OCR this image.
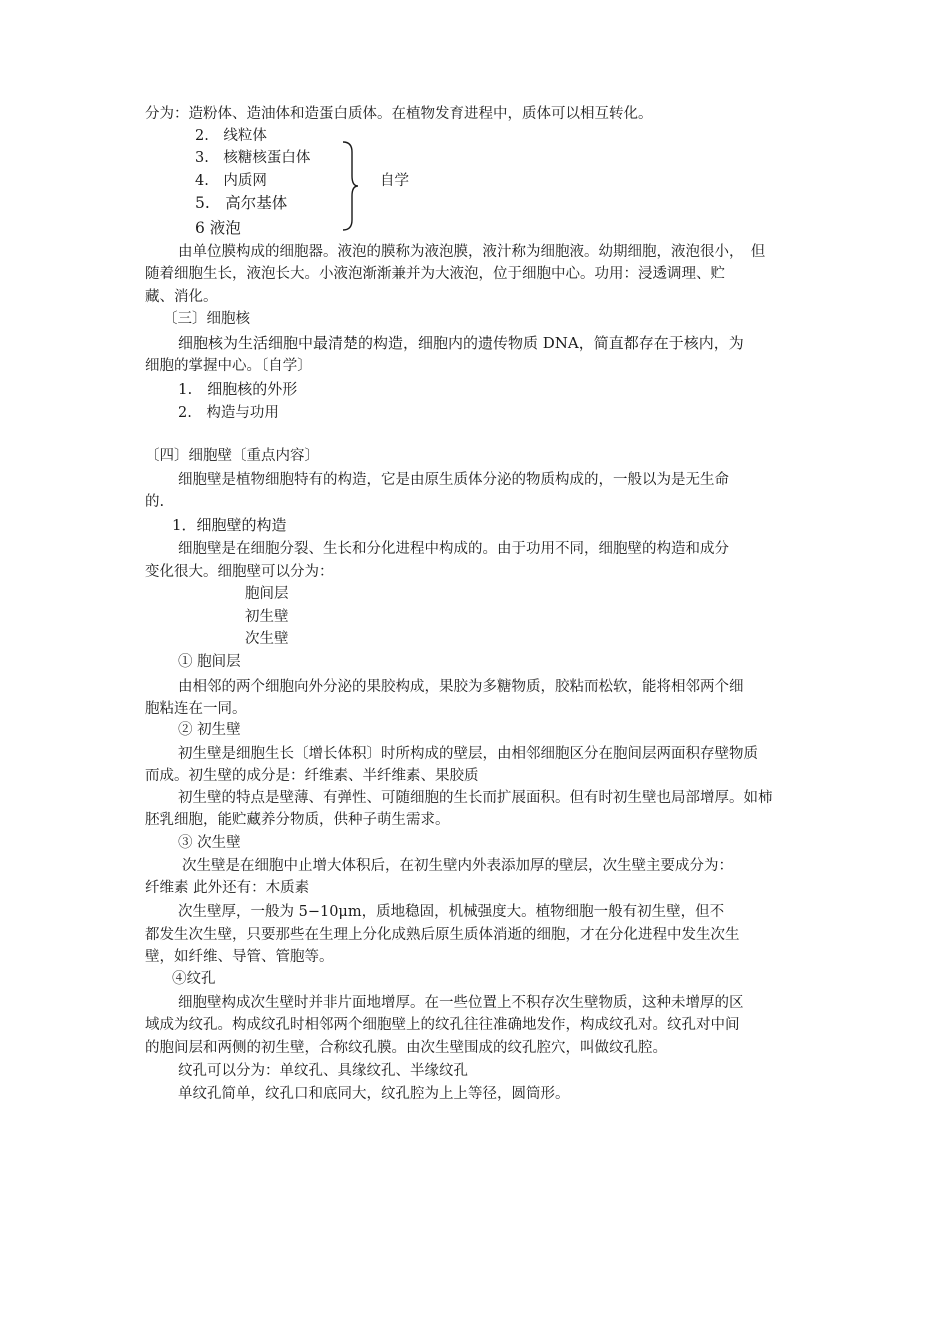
分为：造粉体、造油体和造蛋白质体。在植物发育进程中，质体可以相互转化。
2.　线粒体
3.　核糖核蛋白体
4.　内质网
5.　高尔基体
6 液泡
自学
由单位膜构成的细胞器。液泡的膜称为液泡膜，液汁称为细胞液。幼期细胞，液泡很小，　但
随着细胞生长，液泡长大。小液泡渐渐兼并为大液泡，位于细胞中心。功用：浸透调理、贮
藏、消化。
〔三〕细胞核
细胞核为生活细胞中最清楚的构造，细胞内的遗传物质 DNA，简直都存在于核内，为
细胞的掌握中心。〔自学〕
1.　细胞核的外形
2.　构造与功用
〔四〕细胞壁〔重点内容〕
细胞壁是植物细胞特有的构造，它是由原生质体分泌的物质构成的，一般以为是无生命
的.
1．细胞壁的构造
细胞壁是在细胞分裂、生长和分化进程中构成的。由于功用不同，细胞壁的构造和成分
变化很大。细胞壁可以分为：
胞间层
初生壁
次生壁
① 胞间层
由相邻的两个细胞向外分泌的果胶构成，果胶为多糖物质，胶粘而松软，能将相邻两个细
胞粘连在一同。
② 初生壁
初生壁是细胞生长〔增长体积〕时所构成的壁层，由相邻细胞区分在胞间层两面积存壁物质
而成。初生壁的成分是：纤维素、半纤维素、果胶质
初生壁的特点是壁薄、有弹性、可随细胞的生长而扩展面积。但有时初生壁也局部增厚。如柿
胚乳细胞，能贮藏养分物质，供种子萌生需求。
③ 次生壁
次生壁是在细胞中止增大体积后，在初生壁内外表添加厚的壁层，次生壁主要成分为：
纤维素 此外还有：木质素
次生壁厚，一般为 5−10μm，质地稳固，机械强度大。植物细胞一般有初生壁，但不
都发生次生壁，只要那些在生理上分化成熟后原生质体消逝的细胞，才在分化进程中发生次生
壁，如纤维、导管、管胞等。
④纹孔
细胞壁构成次生壁时并非片面地增厚。在一些位置上不积存次生壁物质，这种未增厚的区
域成为纹孔。构成纹孔时相邻两个细胞壁上的纹孔往往准确地发作，构成纹孔对。纹孔对中间
的胞间层和两侧的初生壁，合称纹孔膜。由次生壁围成的纹孔腔穴，叫做纹孔腔。
纹孔可以分为：单纹孔、具缘纹孔、半缘纹孔
单纹孔简单，纹孔口和底同大，纹孔腔为上上等径，圆筒形。
